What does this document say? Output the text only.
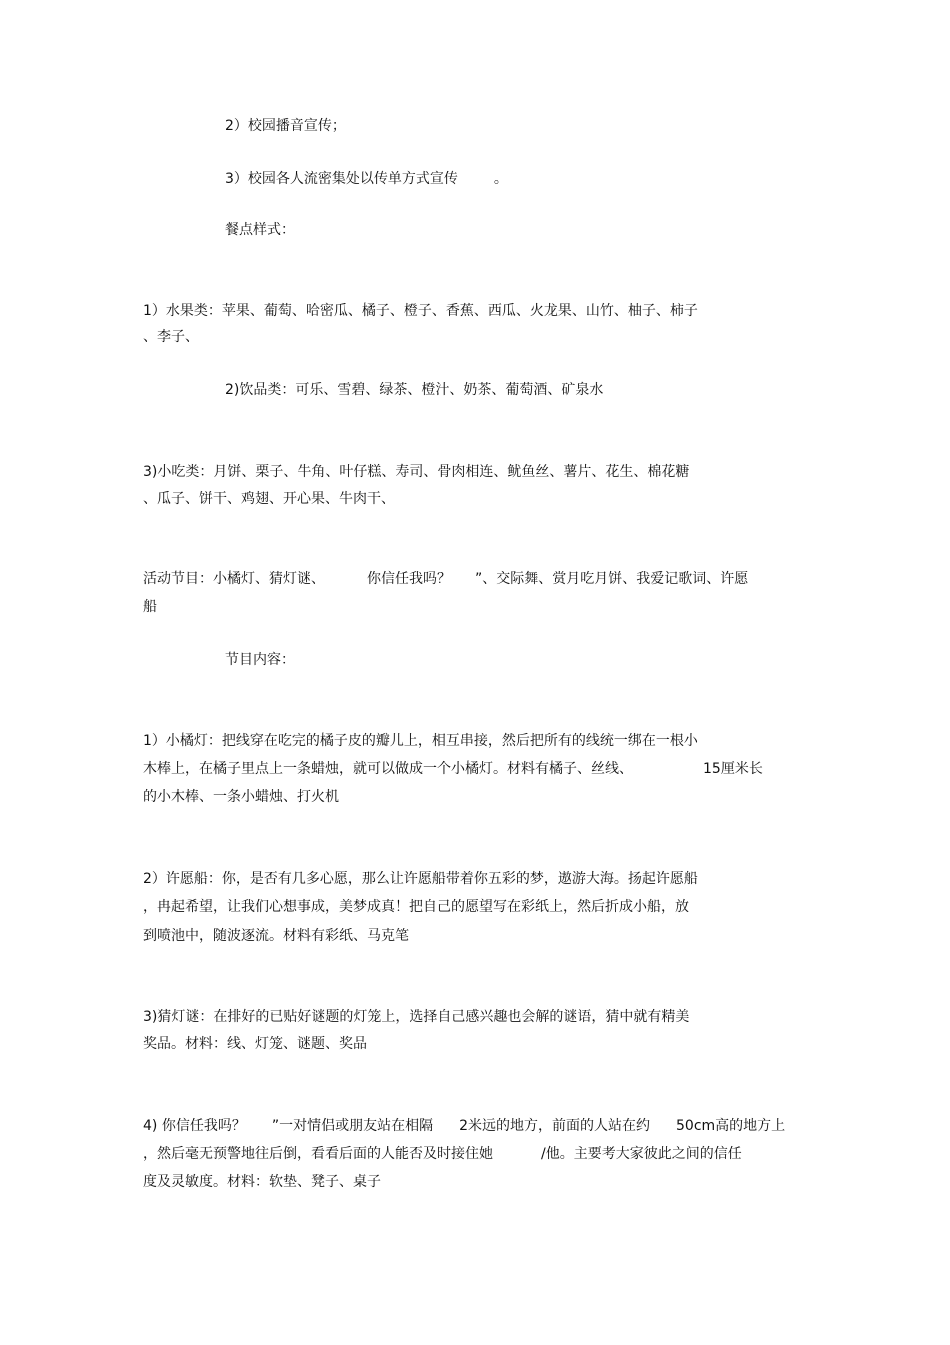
2）校园播音宣传；
3）校园各人流密集处以传单方式宣传	。
餐点样式：
1）水果类：苹果、葡萄、哈密瓜、橘子、橙子、香蕉、西瓜、火龙果、山竹、柚子、柿子
、李子、
2)饮品类：可乐、雪碧、绿茶、橙汁、奶茶、葡萄酒、矿泉水
3)小吃类：月饼、栗子、牛角、叶仔糕、寿司、骨肉相连、鱿鱼丝、薯片、花生、棉花糖
、瓜子、饼干、鸡翅、开心果、牛肉干、
活动节目：小橘灯、猜灯谜、	你信任我吗？ ”、交际舞、赏月吃月饼、我爱记歌词、许愿
船
节目内容：
1）小橘灯：把线穿在吃完的橘子皮的瓣儿上，相互串接，然后把所有的线统一绑在一根小
木棒上，在橘子里点上一条蜡烛，就可以做成一个小橘灯。材料有橘子、丝线、	15厘米长
的小木棒、一条小蜡烛、打火机
2）许愿船：你，是否有几多心愿，那么让许愿船带着你五彩的梦，遨游大海。扬起许愿船
，冉起希望，让我们心想事成，美梦成真！把自己的愿望写在彩纸上，然后折成小船，放
到喷池中，随波逐流。材料有彩纸、马克笔
3)猜灯谜：在排好的已贴好谜题的灯笼上，选择自己感兴趣也会解的谜语，猜中就有精美
奖品。材料：线、灯笼、谜题、奖品
4) 你信任我吗？ ”一对情侣或朋友站在相隔 2米远的地方，前面的人站在约 50cm高的地方上
，然后毫无预警地往后倒，看看后面的人能否及时接住她	/他。主要考大家彼此之间的信任
度及灵敏度。材料：软垫、凳子、桌子
